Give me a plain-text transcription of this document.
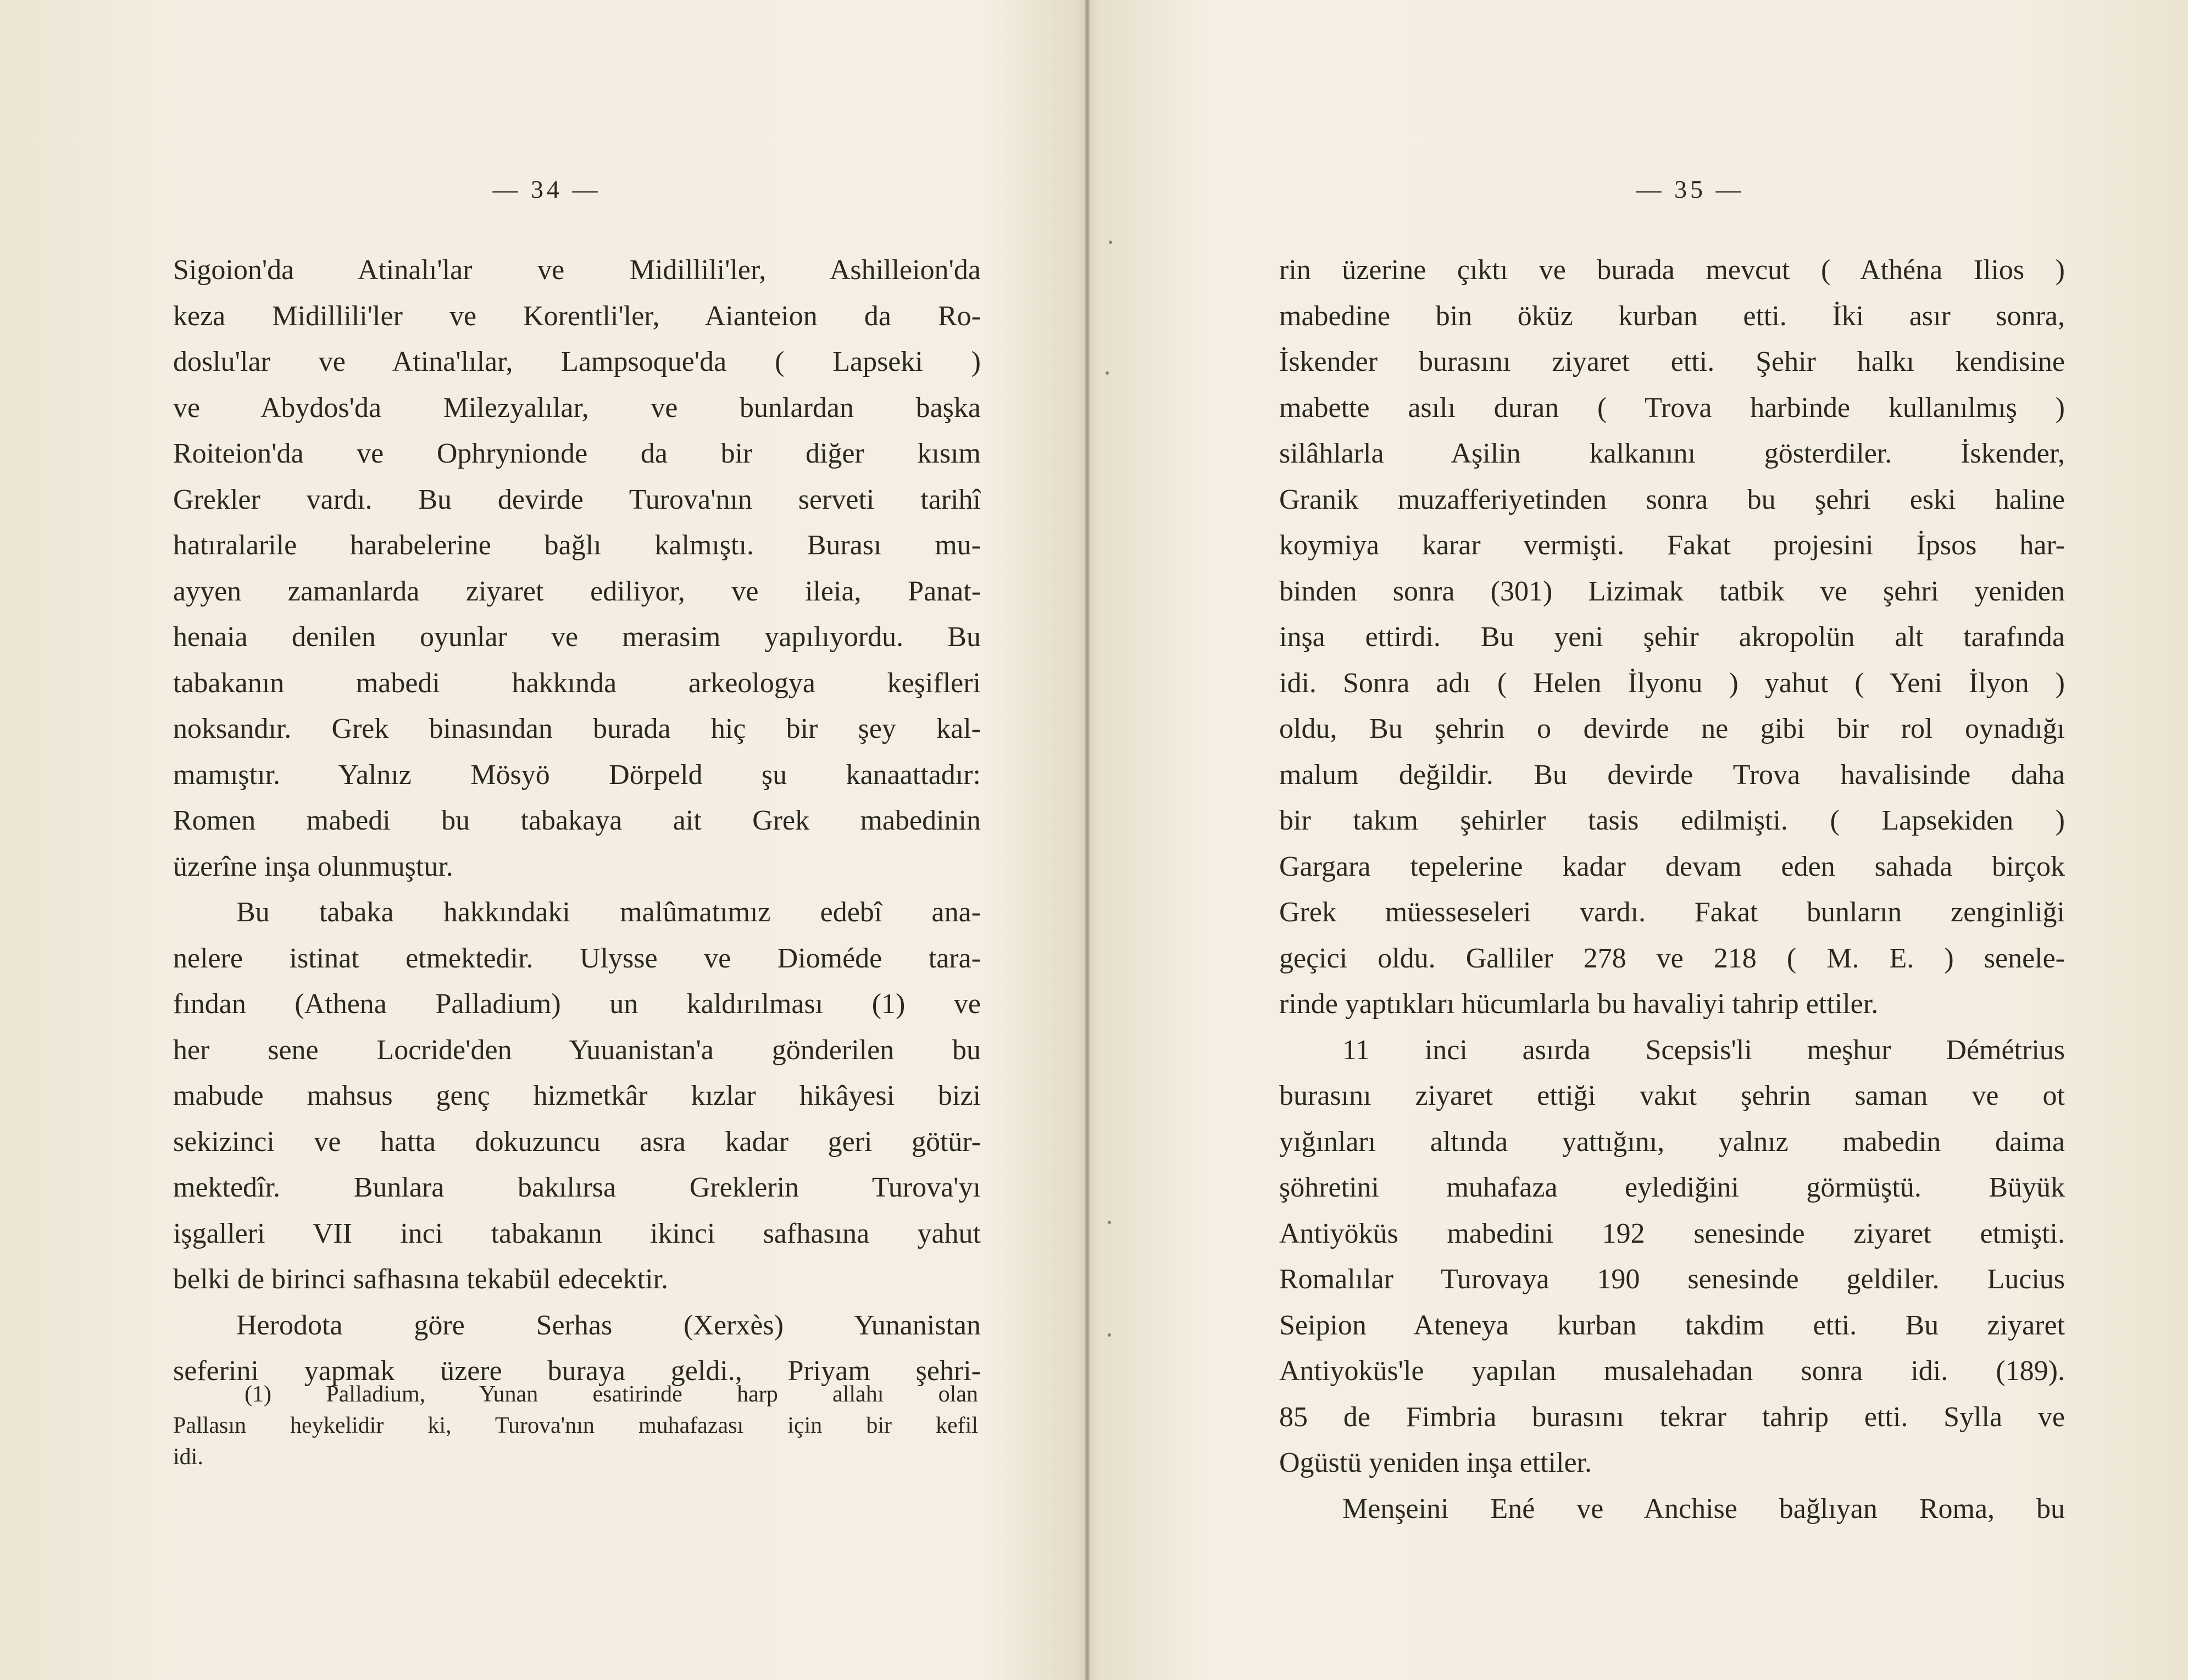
— 34 —
Sigoion'da Atinalı'lar ve Midillili'ler, Ashilleion'da
keza Midillili'ler ve Korentli'ler, Aianteion da Ro-
doslu'lar ve Atina'lılar, Lampsoque'da ( Lapseki )
ve Abydos'da Milezyalılar, ve bunlardan başka
Roiteion'da ve Ophrynionde da bir diğer kısım
Grekler vardı. Bu devirde Turova'nın serveti tarihî
hatıralarile harabelerine bağlı kalmıştı. Burası mu-
ayyen zamanlarda ziyaret ediliyor, ve ileia, Panat-
henaia denilen oyunlar ve merasim yapılıyordu. Bu
tabakanın mabedi hakkında arkeologya keşifleri
noksandır. Grek binasından burada hiç bir şey kal-
mamıştır. Yalnız Mösyö Dörpeld şu kanaattadır:
Romen mabedi bu tabakaya ait Grek mabedinin
üzerîne inşa olunmuştur.
Bu tabaka hakkındaki malûmatımız edebî ana-
nelere istinat etmektedir. Ulysse ve Dioméde tara-
fından (Athena Palladium) un kaldırılması (1) ve
her sene Locride'den Yuuanistan'a gönderilen bu
mabude mahsus genç hizmetkâr kızlar hikâyesi bizi
sekizinci ve hatta dokuzuncu asra kadar geri götür-
mektedîr. Bunlara bakılırsa Greklerin Turova'yı
işgalleri VII inci tabakanın ikinci safhasına yahut
belki de birinci safhasına tekabül edecektir.
Herodota göre Serhas (Xerxès) Yunanistan
seferini yapmak üzere buraya geldi., Priyam şehri-
(1) Palladium, Yunan esatirinde harp allahı olan
Pallasın heykelidir ki, Turova'nın muhafazası için bir kefil
idi.
— 35 —
rin üzerine çıktı ve burada mevcut ( Athéna Ilios )
mabedine bin öküz kurban etti. İki asır sonra,
İskender burasını ziyaret etti. Şehir halkı kendisine
mabette asılı duran ( Trova harbinde kullanılmış )
silâhlarla Aşilin kalkanını gösterdiler. İskender,
Granik muzafferiyetinden sonra bu şehri eski haline
koymiya karar vermişti. Fakat projesini İpsos har-
binden sonra (301) Lizimak tatbik ve şehri yeniden
inşa ettirdi. Bu yeni şehir akropolün alt tarafında
idi. Sonra adı ( Helen İlyonu ) yahut ( Yeni İlyon )
oldu, Bu şehrin o devirde ne gibi bir rol oynadığı
malum değildir. Bu devirde Trova havalisinde daha
bir takım şehirler tasis edilmişti. ( Lapsekiden )
Gargara tepelerine kadar devam eden sahada birçok
Grek müesseseleri vardı. Fakat bunların zenginliği
geçici oldu. Galliler 278 ve 218 ( M. E. ) senele-
rinde yaptıkları hücumlarla bu havaliyi tahrip ettiler.
11 inci asırda Scepsis'li meşhur Démétrius
burasını ziyaret ettiği vakıt şehrin saman ve ot
yığınları altında yattığını, yalnız mabedin daima
şöhretini muhafaza eylediğini görmüştü. Büyük
Antiyöküs mabedini 192 senesinde ziyaret etmişti.
Romalılar Turovaya 190 senesinde geldiler. Lucius
Seipion Ateneya kurban takdim etti. Bu ziyaret
Antiyoküs'le yapılan musalehadan sonra idi. (189).
85 de Fimbria burasını tekrar tahrip etti. Sylla ve
Ogüstü yeniden inşa ettiler.
Menşeini Ené ve Anchise bağlıyan Roma, bu
